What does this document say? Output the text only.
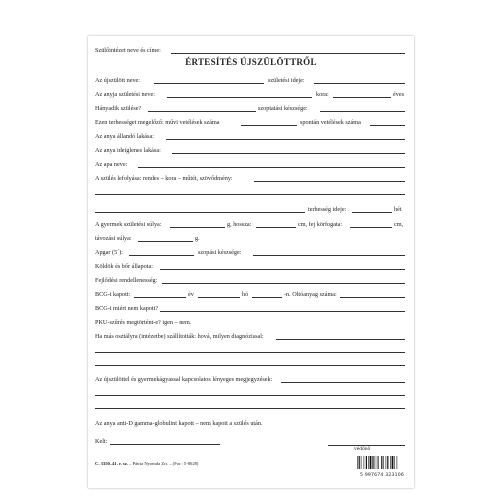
Szülőintézet neve és címe:
ÉRTESÍTÉS ÚJSZÜLÖTTRŐL
Az újszülött neve:	születési ideje:
Az anyja születési neve:	kora:	éves
Hányadik szülése?	szoptatási készsége:
Ezen terhességet megelőző: művi vetélések száma	spontán vetélések száma
Az anya állandó lakása:
Az anya ideiglenes lakása:
Az apa neve:
A szülés lefolyása: rendes – kora – műtét, szövődmény:
terhesség ideje:	hét
A gyermek születési súlya:	g, hossza:	cm, fej körfogata:	cm,
távozási súlya:	g.
Apgar (5´):	szopási készsége:
Köldök és bőr állapota:
Fejlődési rendellenesség:
BCG-t kapott:	év	hó	-n. Oltóanyag száma:
BCG-t miért nem kapott?
PKU-szűrés megtörtént-e? igen – nem.
Ha más osztályra (intézetbe) szállították: hová, milyen diagnózissal:
Az újszülöttel és gyermekágyassal kapcsolatos lényeges megjegyzések:
Az anya anti-D gamma-globulint kapott – nem kapott a szülés után.
Kelt:
védőnő
C. 3350–41. r. sz. – Pátria Nyomda Zrt. – (For.: 5-8028)
5 997674 323106
